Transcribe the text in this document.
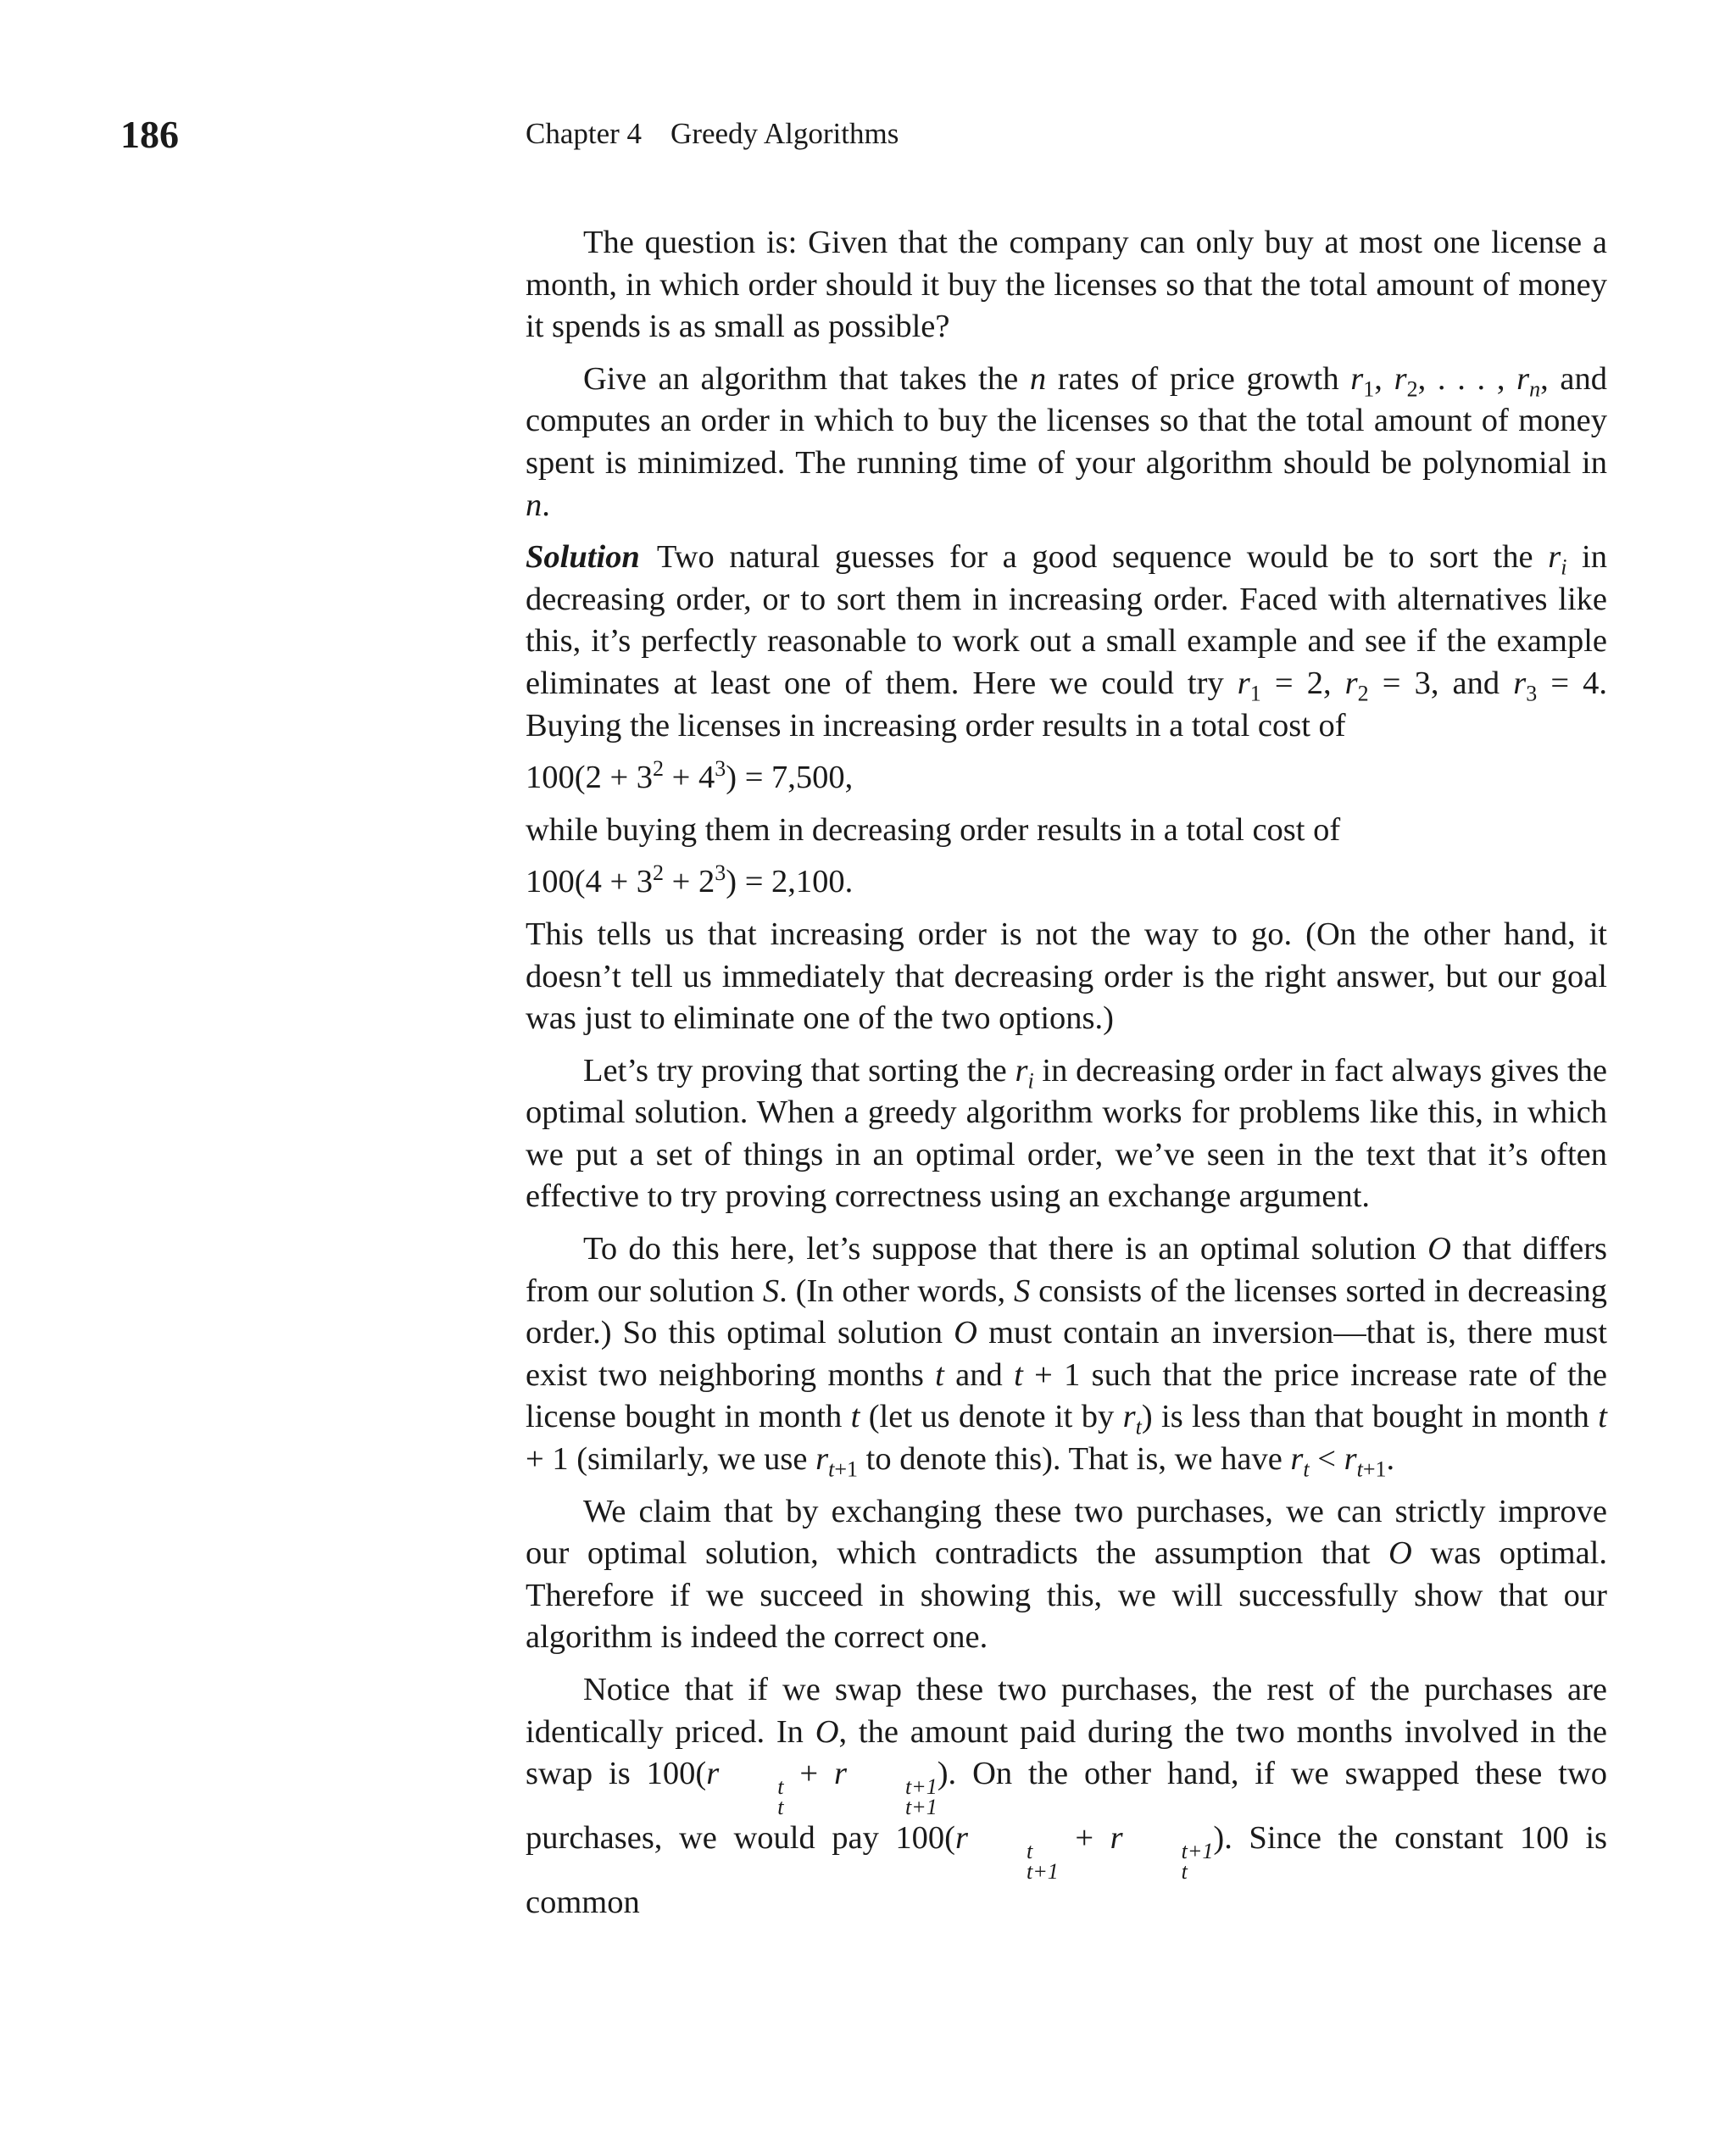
186	Chapter 4 Greedy Algorithms

The question is: Given that the company can only buy at most one license a month, in which order should it buy the licenses so that the total amount of money it spends is as small as possible?

Give an algorithm that takes the n rates of price growth $r_1$, $r_2$, . . . , $r_n$, and computes an order in which to buy the licenses so that the total amount of money spent is minimized. The running time of your algorithm should be polynomial in n.

Solution Two natural guesses for a good sequence would be to sort the $r_i$ in decreasing order, or to sort them in increasing order. Faced with alternatives like this, it’s perfectly reasonable to work out a small example and see if the example eliminates at least one of them. Here we could try $r_1 = 2$, $r_2 = 3$, and $r_3 = 4$. Buying the licenses in increasing order results in a total cost of

$100(2 + 3^2 + 4^3) = 7,500$,

while buying them in decreasing order results in a total cost of

$100(4 + 3^2 + 2^3) = 2,100$.

This tells us that increasing order is not the way to go. (On the other hand, it doesn’t tell us immediately that decreasing order is the right answer, but our goal was just to eliminate one of the two options.)

Let’s try proving that sorting the $r_i$ in decreasing order in fact always gives the optimal solution. When a greedy algorithm works for problems like this, in which we put a set of things in an optimal order, we’ve seen in the text that it’s often effective to try proving correctness using an exchange argument.

To do this here, let’s suppose that there is an optimal solution O that differs from our solution S. (In other words, S consists of the licenses sorted in decreasing order.) So this optimal solution O must contain an inversion—that is, there must exist two neighboring months t and t + 1 such that the price increase rate of the license bought in month t (let us denote it by $r_t$) is less than that bought in month t + 1 (similarly, we use $r_{t+1}$ to denote this). That is, we have $r_t < r_{t+1}$.

We claim that by exchanging these two purchases, we can strictly improve our optimal solution, which contradicts the assumption that O was optimal. Therefore if we succeed in showing this, we will successfully show that our algorithm is indeed the correct one.

Notice that if we swap these two purchases, the rest of the purchases are identically priced. In O, the amount paid during the two months involved in the swap is 100(r	t
t
+ r	t+1
t+1
). On the other hand, if we swapped these two purchases, we would pay 100(r	t
t+1
+ r	t+1
t
). Since the constant 100 is common
